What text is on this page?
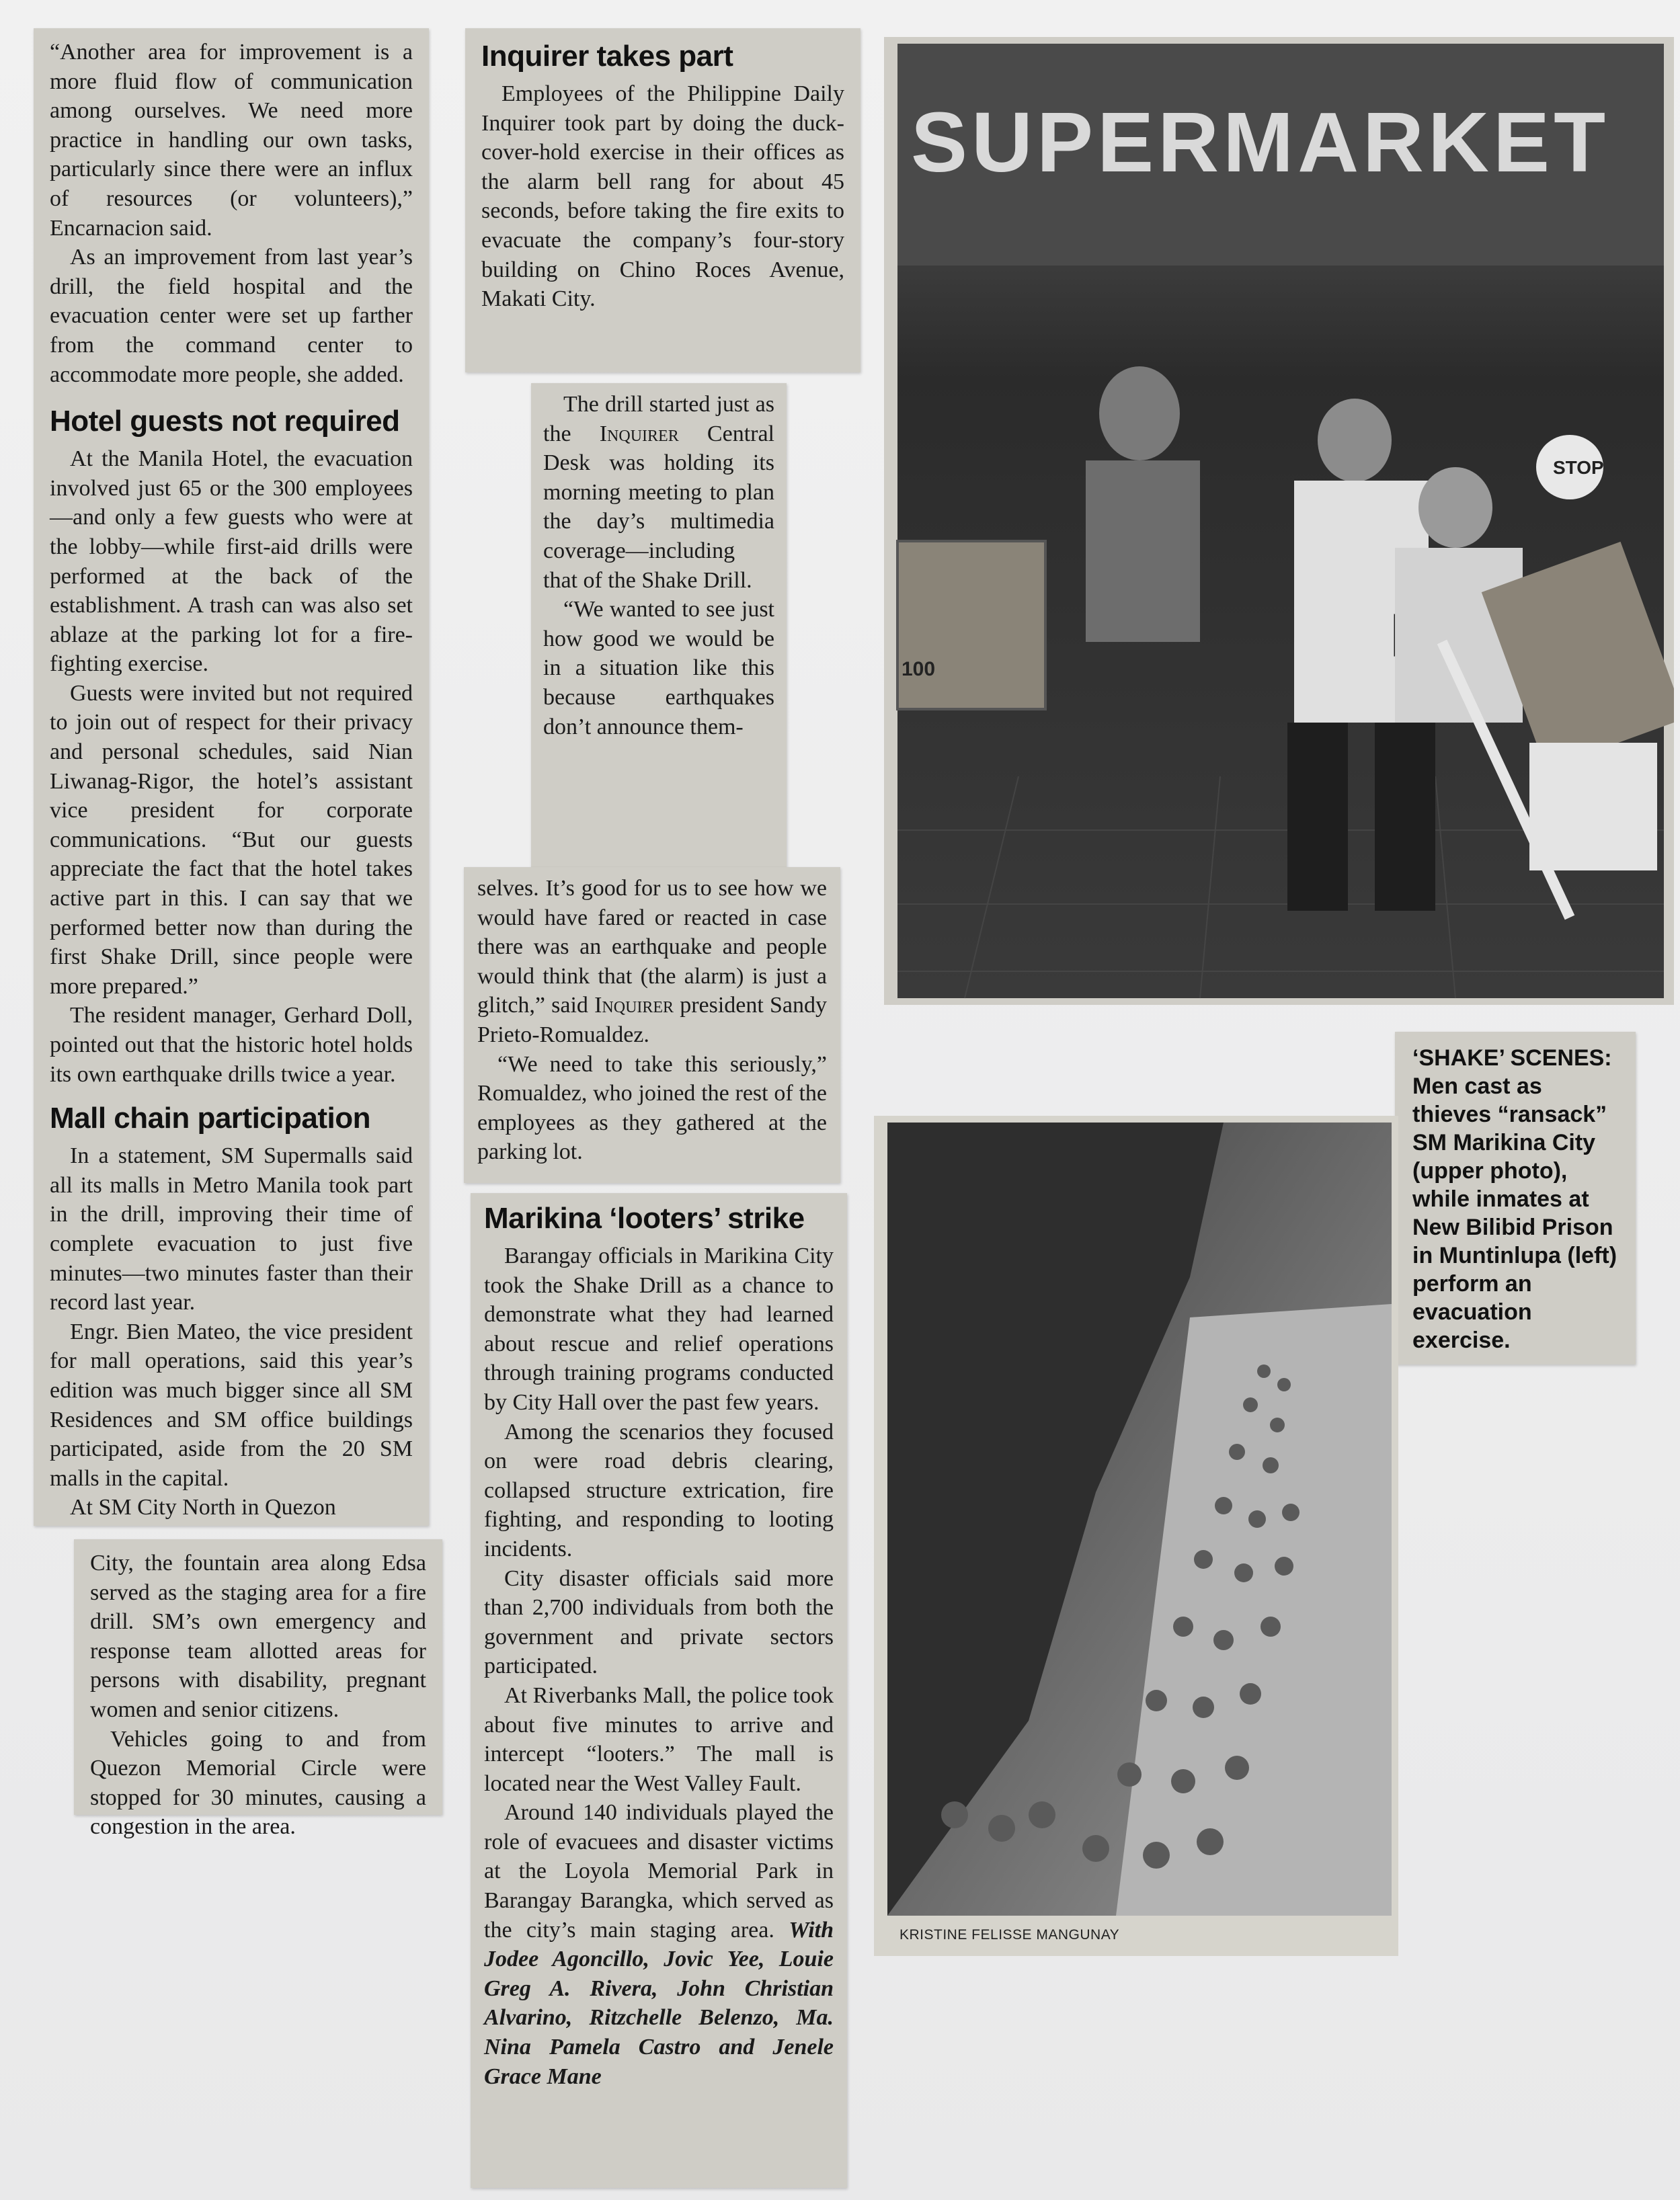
“Another area for improvement is a more fluid flow of communication among ourselves. We need more practice in handling our own tasks, particularly since there were an influx of resources (or volunteers),” Encarnacion said.

As an improvement from last year’s drill, the field hospital and the evacuation center were set up farther from the command center to accommodate more people, she added.

Hotel guests not required

At the Manila Hotel, the evacuation involved just 65 or the 300 employees—and only a few guests who were at the lobby—while first-aid drills were performed at the back of the establishment. A trash can was also set ablaze at the parking lot for a fire-fighting exercise.

Guests were invited but not required to join out of respect for their privacy and personal schedules, said Nian Liwanag-Rigor, the hotel’s assistant vice president for corporate communications. “But our guests appreciate the fact that the hotel takes active part in this. I can say that we performed better now than during the first Shake Drill, since people were more prepared.”

The resident manager, Gerhard Doll, pointed out that the historic hotel holds its own earthquake drills twice a year.

Mall chain participation

In a statement, SM Supermalls said all its malls in Metro Manila took part in the drill, improving their time of complete evacuation to just five minutes—two minutes faster than their record last year.

Engr. Bien Mateo, the vice president for mall operations, said this year’s edition was much bigger since all SM Residences and SM office buildings participated, aside from the 20 SM malls in the capital.

At SM City North in Quezon

City, the fountain area along Edsa served as the staging area for a fire drill. SM’s own emergency and response team allotted areas for persons with disability, pregnant women and senior citizens.

Vehicles going to and from Quezon Memorial Circle were stopped for 30 minutes, causing a congestion in the area.

Inquirer takes part

Employees of the Philippine Daily Inquirer took part by doing the duck-cover-hold exercise in their offices as the alarm bell rang for about 45 seconds, before taking the fire exits to evacuate the company’s four-story building on Chino Roces Avenue, Makati City.

The drill started just as the Inquirer Central Desk was holding its morning meeting to plan the day’s multimedia coverage—including that of the Shake Drill.

“We wanted to see just how good we would be in a situation like this because earthquakes don’t announce them-

selves. It’s good for us to see how we would have fared or reacted in case there was an earthquake and people would think that (the alarm) is just a glitch,” said Inquirer president Sandy Prieto-Romualdez.

“We need to take this seriously,” Romualdez, who joined the rest of the employees as they gathered at the parking lot.

Marikina ‘looters’ strike

Barangay officials in Marikina City took the Shake Drill as a chance to demonstrate what they had learned about rescue and relief operations through training programs conducted by City Hall over the past few years.

Among the scenarios they focused on were road debris clearing, collapsed structure extrication, fire fighting, and responding to looting incidents.

City disaster officials said more than 2,700 individuals from both the government and private sectors participated.

At Riverbanks Mall, the police took about five minutes to arrive and intercept “looters.” The mall is located near the West Valley Fault.

Around 140 individuals played the role of evacuees and disaster victims at the Loyola Memorial Park in Barangay Barangka, which served as the city’s main staging area. With Jodee Agoncillo, Jovic Yee, Louie Greg A. Rivera, John Christian Alvarino, Ritzchelle Belenzo, Ma. Nina Pamela Castro and Jenele Grace Mane

SUPERMARKET
STOP
100
‘SHAKE’ SCENES:
Men cast as thieves “ransack” SM Marikina City (upper photo), while inmates at New Bilibid Prison in Muntinlupa (left) perform an evacuation exercise.
KRISTINE FELISSE MANGUNAY
